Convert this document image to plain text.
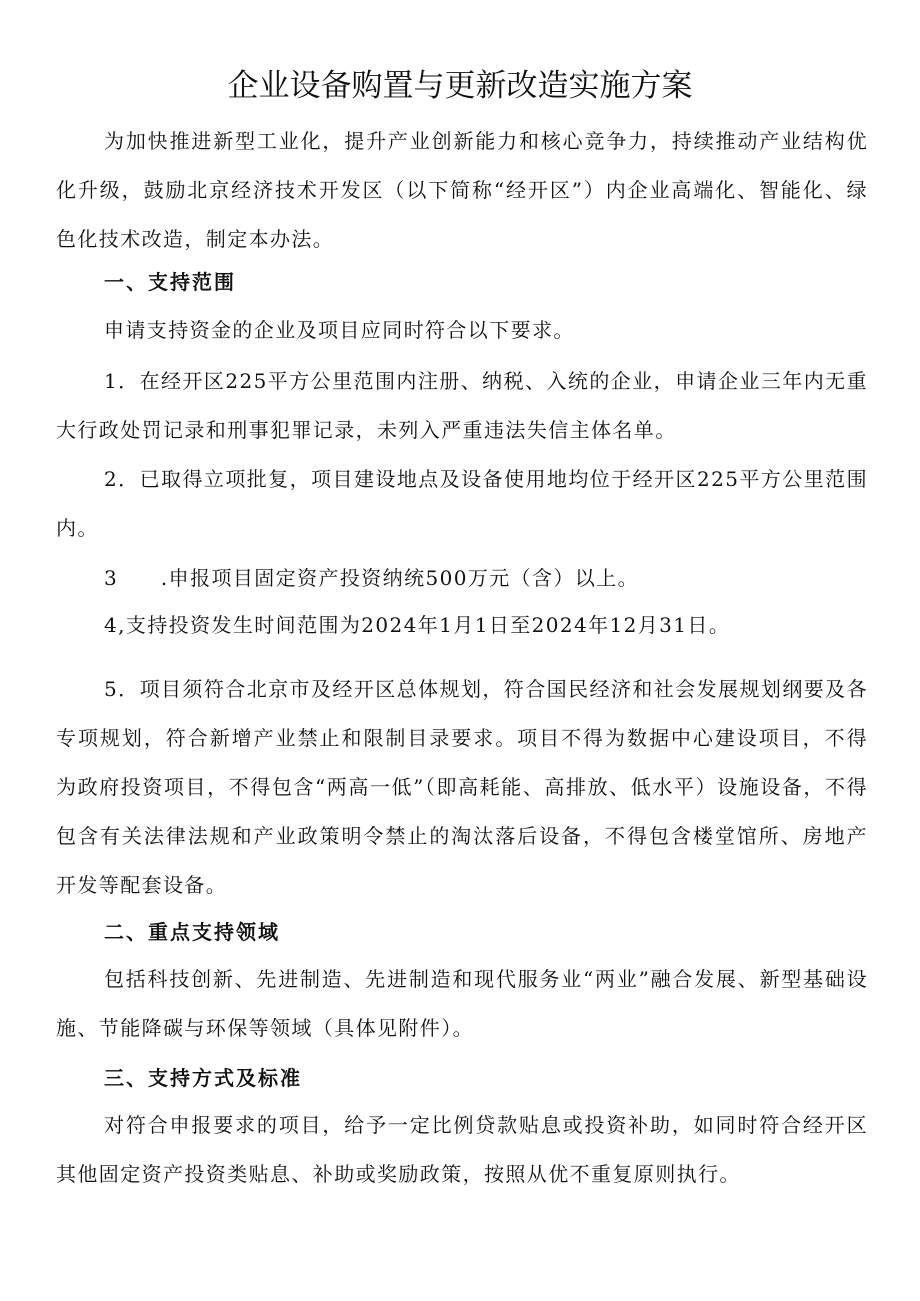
企业设备购置与更新改造实施方案
为加快推进新型工业化，提升产业创新能力和核心竞争力，持续推动产业结构优化升级，鼓励北京经济技术开发区（以下简称“经开区”）内企业高端化、智能化、绿色化技术改造，制定本办法。
一、支持范围
申请支持资金的企业及项目应同时符合以下要求。
1．在经开区225平方公里范围内注册、纳税、入统的企业，申请企业三年内无重大行政处罚记录和刑事犯罪记录，未列入严重违法失信主体名单。
2．已取得立项批复，项目建设地点及设备使用地均位于经开区225平方公里范围内。
3　　.申报项目固定资产投资纳统500万元（含）以上。
4,支持投资发生时间范围为2024年1月1日至2024年12月31日。
5．项目须符合北京市及经开区总体规划，符合国民经济和社会发展规划纲要及各专项规划，符合新增产业禁止和限制目录要求。项目不得为数据中心建设项目，不得为政府投资项目，不得包含“两高一低”（即高耗能、高排放、低水平）设施设备，不得包含有关法律法规和产业政策明令禁止的淘汰落后设备，不得包含楼堂馆所、房地产开发等配套设备。
二、重点支持领域
包括科技创新、先进制造、先进制造和现代服务业“两业”融合发展、新型基础设施、节能降碳与环保等领域（具体见附件）。
三、支持方式及标准
对符合申报要求的项目，给予一定比例贷款贴息或投资补助，如同时符合经开区其他固定资产投资类贴息、补助或奖励政策，按照从优不重复原则执行。
